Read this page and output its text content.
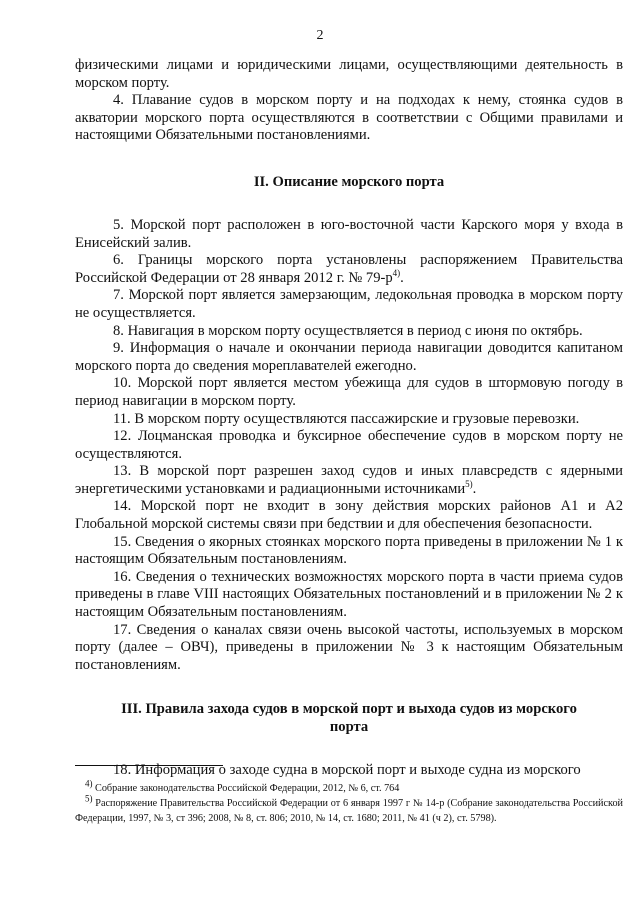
2

физическими лицами и юридическими лицами, осуществляющими деятельность в морском порту.

4. Плавание судов в морском порту и на подходах к нему, стоянка судов в акватории морского порта осуществляются в соответствии с Общими правилами и настоящими Обязательными постановлениями.

II. Описание морского порта

5. Морской порт расположен в юго-восточной части Карского моря у входа в Енисейский залив.

6. Границы морского порта установлены распоряжением Правительства Российской Федерации от 28 января 2012 г. № $79-р^{4)}$.

7. Морской порт является замерзающим, ледокольная проводка в морском порту не осуществляется.

8. Навигация в морском порту осуществляется в период с июня по октябрь.

9. Информация о начале и окончании периода навигации доводится капитаном морского порта до сведения мореплавателей ежегодно.

10. Морской порт является местом убежища для судов в штормовую погоду в период навигации в морском порту.

11. В морском порту осуществляются пассажирские и грузовые перевозки.

12. Лоцманская проводка и буксирное обеспечение судов в морском порту не осуществляются.

13. В морской порт разрешен заход судов и иных плавсредств с ядерными энергетическими установками и радиационными источниками$^{5)}$.

14. Морской порт не входит в зону действия морских районов A1 и A2 Глобальной морской системы связи при бедствии и для обеспечения безопасности.

15. Сведения о якорных стоянках морского порта приведены в приложении № 1 к настоящим Обязательным постановлениям.

16. Сведения о технических возможностях морского порта в части приема судов приведены в главе VIII настоящих Обязательных постановлений и в приложении № 2 к настоящим Обязательным постановлениям.

17. Сведения о каналах связи очень высокой частоты, используемых в морском порту (далее – ОВЧ), приведены в приложении № 3 к настоящим Обязательным постановлениям.

III. Правила захода судов в морской порт и выхода судов из морского порта

18. Информация о заходе судна в морской порт и выходе судна из морского

$^{4)}$ Собрание законодательства Российской Федерации, 2012, № 6, ст. 764

$^{5)}$ Распоряжение Правительства Российской Федерации от 6 января 1997 г № 14-р (Собрание законодательства Российской Федерации, 1997, № 3, ст 396; 2008, № 8, ст. 806; 2010, № 14, ст. 1680; 2011, № 41 (ч 2), ст. 5798).
